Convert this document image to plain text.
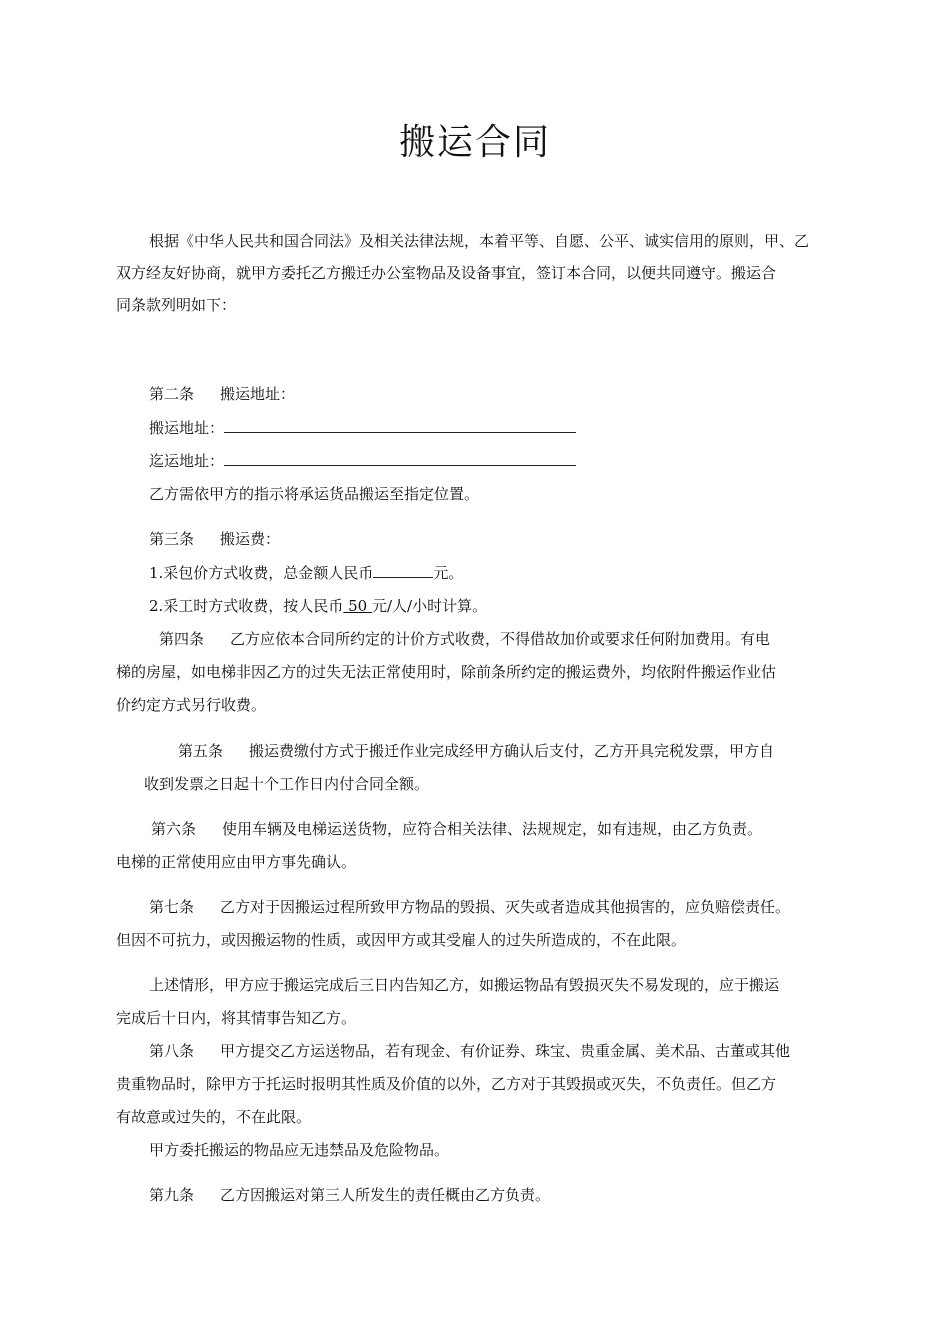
搬运合同
根据《中华人民共和国合同法》及相关法律法规，本着平等、自愿、公平、诚实信用的原则，甲、乙
双方经友好协商，就甲方委托乙方搬迁办公室物品及设备事宜，签订本合同，以便共同遵守。搬运合
同条款列明如下：
第二条 搬运地址：
搬运地址：
迄运地址：
乙方需依甲方的指示将承运货品搬运至指定位置。
第三条 搬运费：
1.采包价方式收费，总金额人民币	元。
2.采工时方式收费，按人民币 50 元/人/小时计算。
第四条 乙方应依本合同所约定的计价方式收费，不得借故加价或要求任何附加费用。有电
梯的房屋，如电梯非因乙方的过失无法正常使用时，除前条所约定的搬运费外，均依附件搬运作业估
价约定方式另行收费。
第五条 搬运费缴付方式于搬迁作业完成经甲方确认后支付，乙方开具完税发票，甲方自
收到发票之日起十个工作日内付合同全额。
第六条 使用车辆及电梯运送货物，应符合相关法律、法规规定，如有违规，由乙方负责。
电梯的正常使用应由甲方事先确认。
第七条 乙方对于因搬运过程所致甲方物品的毁损、灭失或者造成其他损害的，应负赔偿责任。
但因不可抗力，或因搬运物的性质，或因甲方或其受雇人的过失所造成的，不在此限。
上述情形，甲方应于搬运完成后三日内告知乙方，如搬运物品有毁损灭失不易发现的，应于搬运
完成后十日内，将其情事告知乙方。
第八条 甲方提交乙方运送物品，若有现金、有价证券、珠宝、贵重金属、美术品、古董或其他
贵重物品时，除甲方于托运时报明其性质及价值的以外，乙方对于其毁损或灭失，不负责任。但乙方
有故意或过失的，不在此限。
甲方委托搬运的物品应无违禁品及危险物品。
第九条 乙方因搬运对第三人所发生的责任概由乙方负责。
